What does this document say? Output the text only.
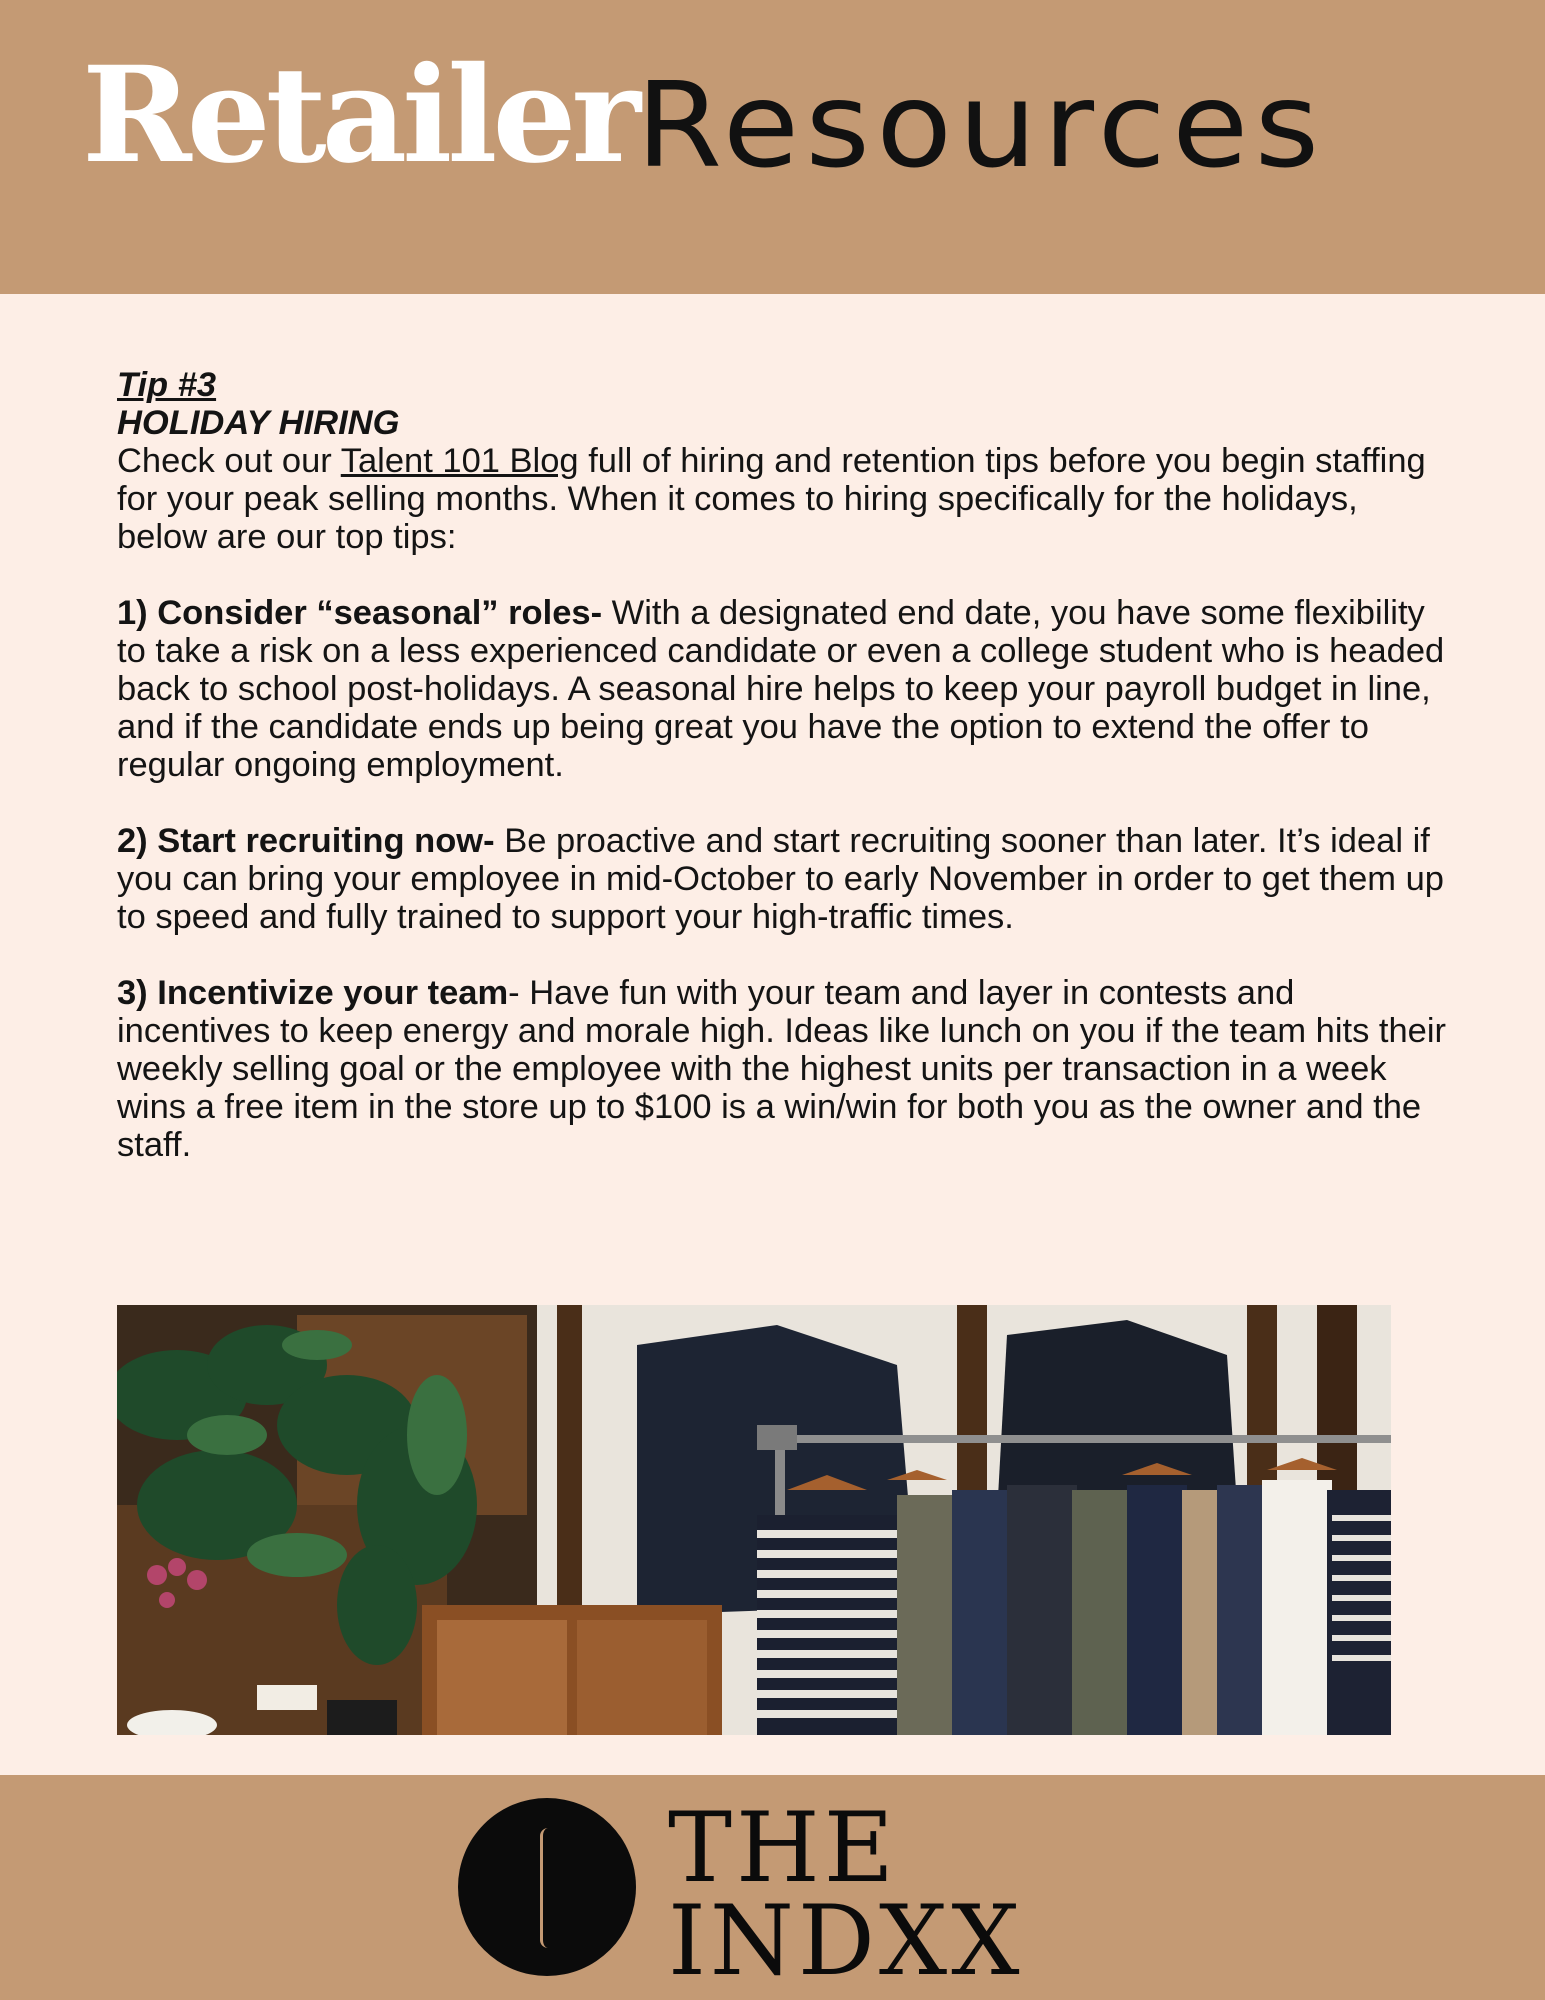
Retailer Resources
Tip #3
HOLIDAY HIRING

Check out our Talent 101 Blog full of hiring and retention tips before you begin staffing for your peak selling months. When it comes to hiring specifically for the holidays, below are our top tips:

1) Consider “seasonal” roles- With a designated end date, you have some flexibility to take a risk on a less experienced candidate or even a college student who is headed back to school post-holidays. A seasonal hire helps to keep your payroll budget in line, and if the candidate ends up being great you have the option to extend the offer to regular ongoing employment.

2) Start recruiting now- Be proactive and start recruiting sooner than later. It’s ideal if you can bring your employee in mid-October to early November in order to get them up to speed and fully trained to support your high-traffic times.

3) Incentivize your team- Have fun with your team and layer in contests and incentives to keep energy and morale high. Ideas like lunch on you if the team hits their weekly selling goal or the employee with the highest units per transaction in a week wins a free item in the store up to $100 is a win/win for both you as the owner and the staff.

THE
INDXX
